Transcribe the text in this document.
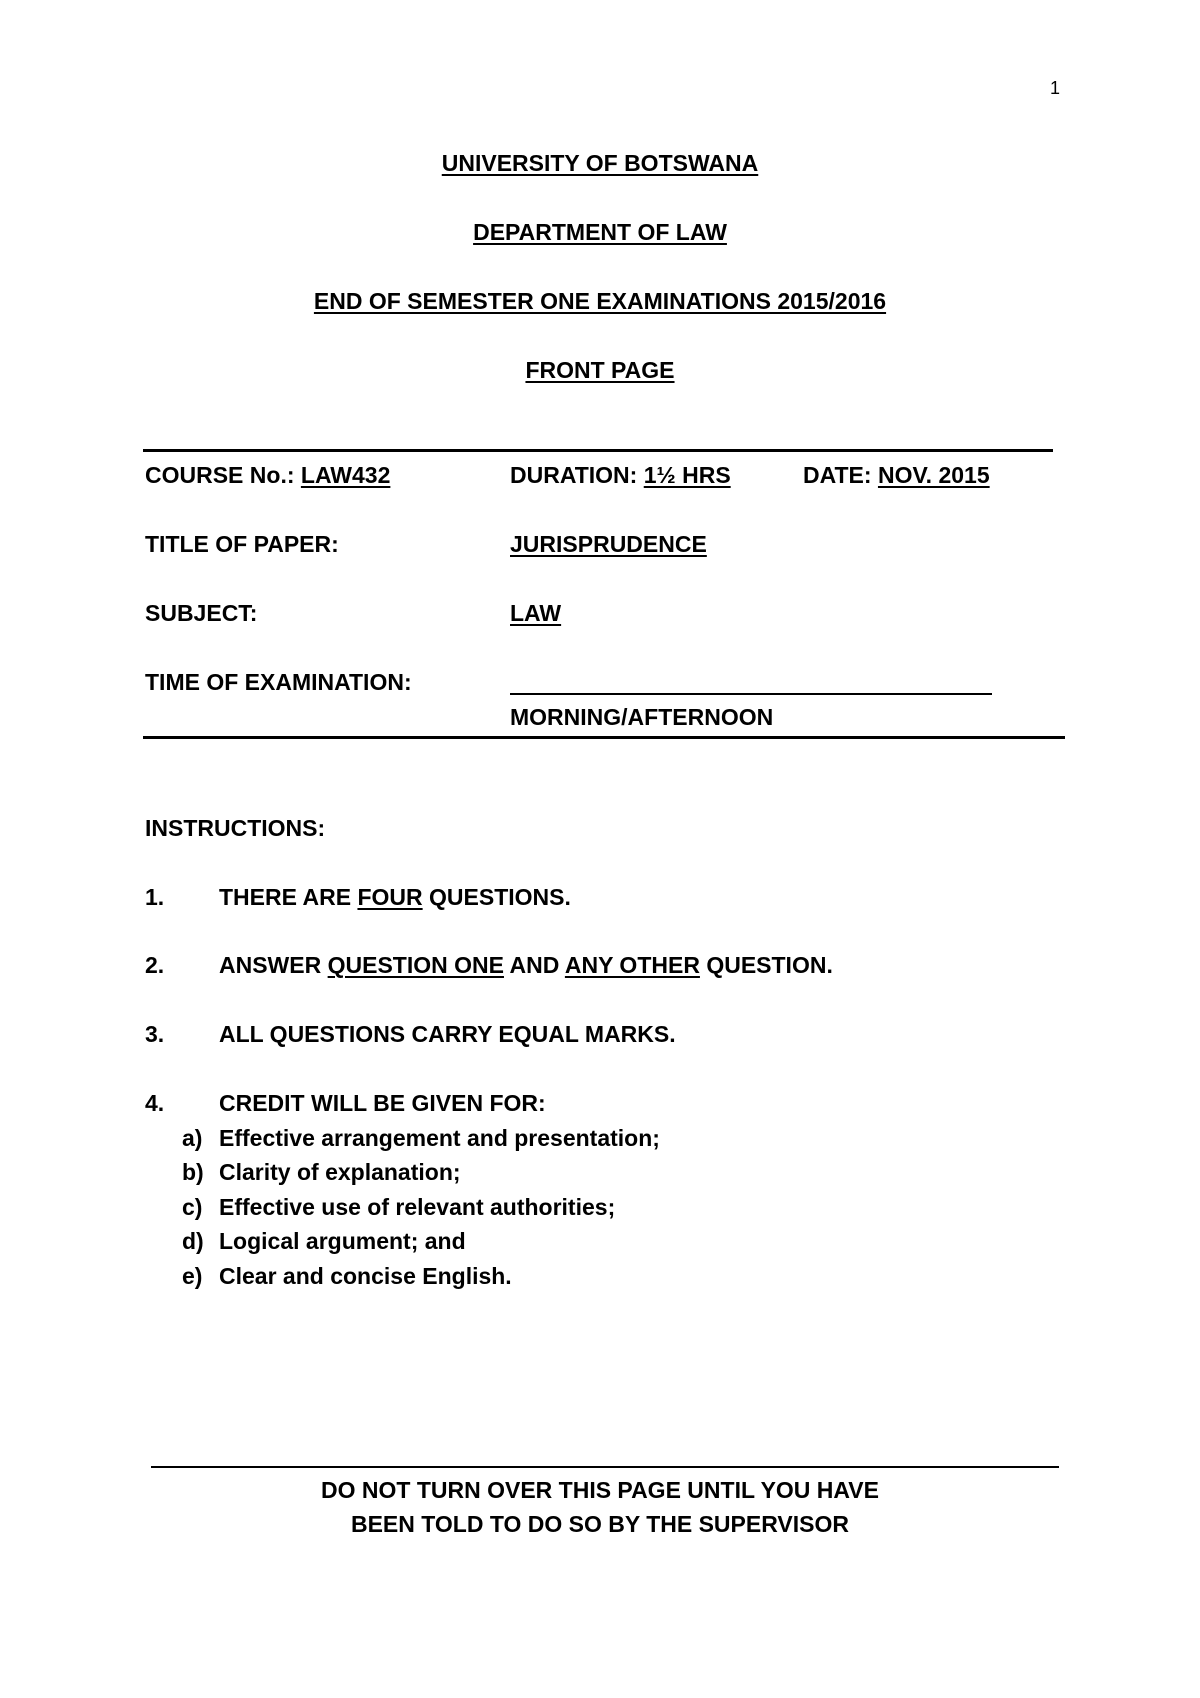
1
UNIVERSITY OF BOTSWANA
DEPARTMENT OF LAW
END OF SEMESTER ONE EXAMINATIONS 2015/2016
FRONT PAGE
COURSE No.: LAW432	DURATION: 1½ HRS	DATE: NOV. 2015
TITLE OF PAPER:	JURISPRUDENCE
SUBJECT:	LAW
TIME OF EXAMINATION:
MORNING/AFTERNOON
INSTRUCTIONS:
1. THERE ARE FOUR QUESTIONS.
2. ANSWER QUESTION ONE AND ANY OTHER QUESTION.
3. ALL QUESTIONS CARRY EQUAL MARKS.
4. CREDIT WILL BE GIVEN FOR:
a) Effective arrangement and presentation;
b) Clarity of explanation;
c) Effective use of relevant authorities;
d) Logical argument; and
e) Clear and concise English.
DO NOT TURN OVER THIS PAGE UNTIL YOU HAVE
BEEN TOLD TO DO SO BY THE SUPERVISOR
